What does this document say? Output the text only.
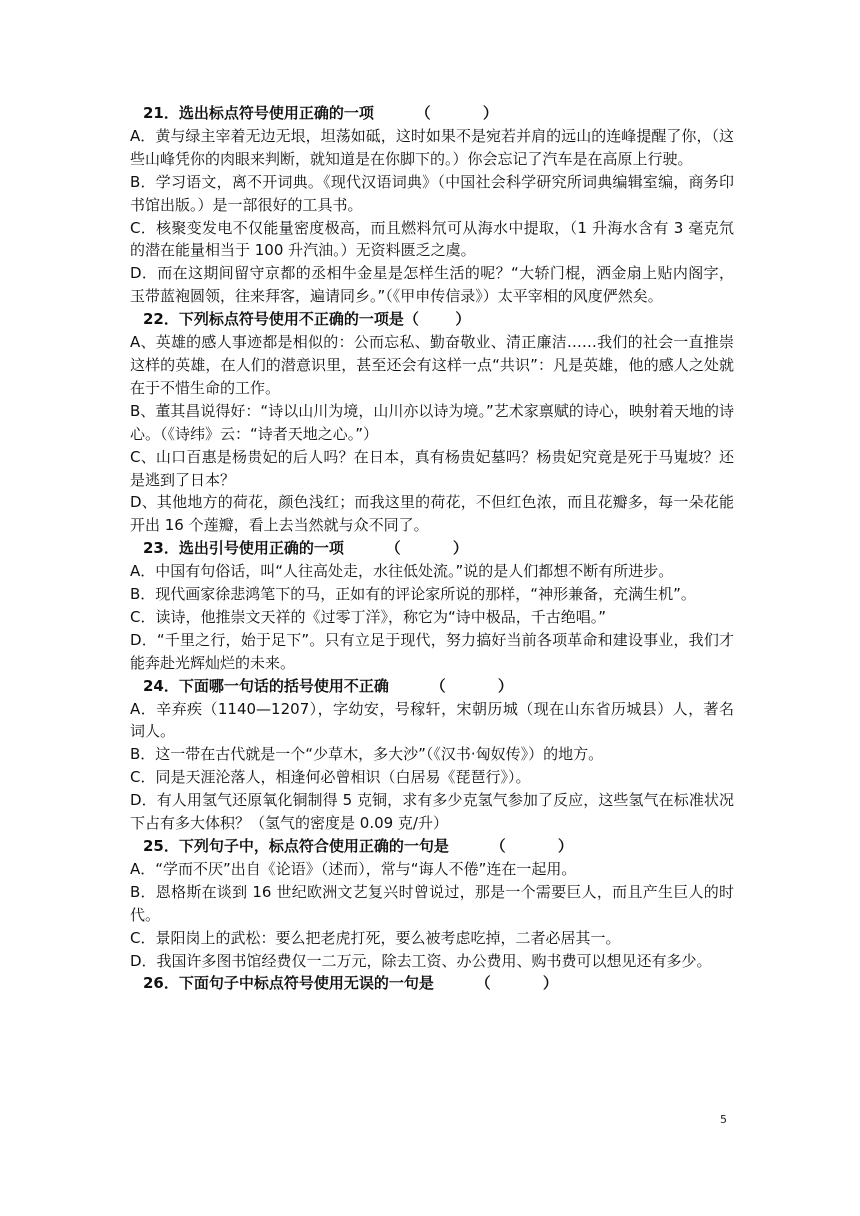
21．选出标点符号使用正确的一项        （          ）
A．黄与绿主宰着无边无垠，坦荡如砥，这时如果不是宛若并肩的远山的连峰提醒了你，（这些山峰凭你的肉眼来判断，就知道是在你脚下的。）你会忘记了汽车是在高原上行驶。
B．学习语文，离不开词典。《现代汉语词典》（中国社会科学研究所词典编辑室编，商务印书馆出版。）是一部很好的工具书。
C．核聚变发电不仅能量密度极高，而且燃料氘可从海水中提取，（1 升海水含有 3 毫克氘的潜在能量相当于 100 升汽油。）无资料匮乏之虞。
D．而在这期间留守京都的丞相牛金星是怎样生活的呢？“大轿门棍，洒金扇上贴内阁字，玉带蓝袍圆领，往来拜客，遍请同乡。”（《甲申传信录》）太平宰相的风度俨然矣。
22．下列标点符号使用不正确的一项是（       ）
A、英雄的感人事迹都是相似的：公而忘私、勤奋敬业、清正廉洁……我们的社会一直推崇这样的英雄，在人们的潜意识里，甚至还会有这样一点“共识”：凡是英雄，他的感人之处就在于不惜生命的工作。
B、董其昌说得好：“诗以山川为境，山川亦以诗为境。”艺术家禀赋的诗心，映射着天地的诗心。（《诗纬》云：“诗者天地之心。”）
C、山口百惠是杨贵妃的后人吗？在日本，真有杨贵妃墓吗？杨贵妃究竟是死于马嵬坡？还是逃到了日本？
D、其他地方的荷花，颜色浅红；而我这里的荷花，不但红色浓，而且花瓣多，每一朵花能开出 16 个莲瓣，看上去当然就与众不同了。
23．选出引号使用正确的一项        （          ）
A．中国有句俗话，叫“人往高处走，水往低处流。”说的是人们都想不断有所进步。
B．现代画家徐悲鸿笔下的马，正如有的评论家所说的那样，“神形兼备，充满生机”。
C．读诗，他推崇文天祥的《过零丁洋》，称它为“诗中极品，千古绝唱。”
D．“千里之行，始于足下”。只有立足于现代，努力搞好当前各项革命和建设事业，我们才能奔赴光辉灿烂的未来。
24．下面哪一句话的括号使用不正确        （          ）
A．辛弃疾（1140—1207），字幼安，号稼轩，宋朝历城（现在山东省历城县）人，著名词人。
B．这一带在古代就是一个“少草木，多大沙”（《汉书·匈奴传》）的地方。
C．同是天涯沦落人，相逢何必曾相识（白居易《琵琶行》）。
D．有人用氢气还原氧化铜制得 5 克铜，求有多少克氢气参加了反应，这些氢气在标准状况下占有多大体积？（氢气的密度是 0.09 克/升）
25．下列句子中，标点符合使用正确的一句是        （          ）
A．“学而不厌”出自《论语》（述而），常与“诲人不倦”连在一起用。
B．恩格斯在谈到 16 世纪欧洲文艺复兴时曾说过，那是一个需要巨人，而且产生巨人的时代。
C．景阳岗上的武松：要么把老虎打死，要么被考虑吃掉，二者必居其一。
D．我国许多图书馆经费仅一二万元，除去工资、办公费用、购书费可以想见还有多少。
26．下面句子中标点符号使用无误的一句是        （          ）
5
